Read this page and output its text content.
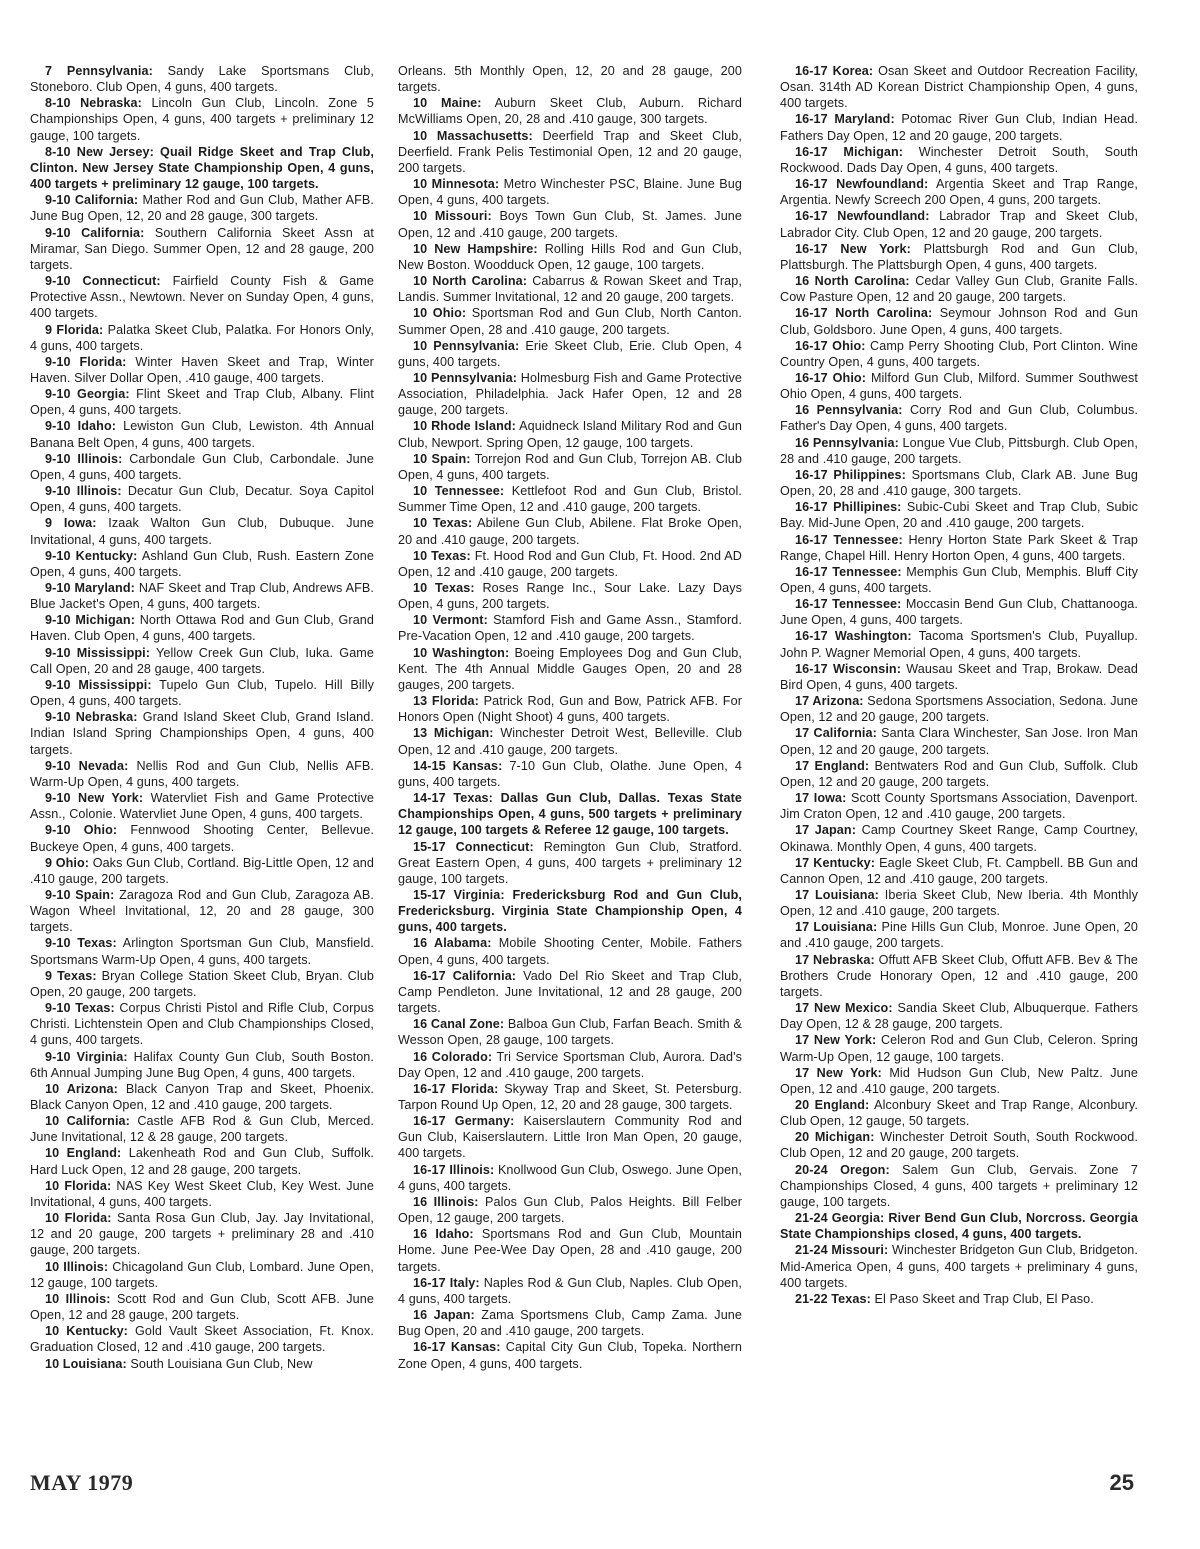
7 Pennsylvania: Sandy Lake Sportsmans Club, Stoneboro. Club Open, 4 guns, 400 targets.

8-10 Nebraska: Lincoln Gun Club, Lincoln. Zone 5 Championships Open, 4 guns, 400 targets + preliminary 12 gauge, 100 targets.

8-10 New Jersey: Quail Ridge Skeet and Trap Club, Clinton. New Jersey State Championship Open, 4 guns, 400 targets + preliminary 12 gauge, 100 targets.

9-10 California: Mather Rod and Gun Club, Mather AFB. June Bug Open, 12, 20 and 28 gauge, 300 targets.

9-10 California: Southern California Skeet Assn at Miramar, San Diego. Summer Open, 12 and 28 gauge, 200 targets.

9-10 Connecticut: Fairfield County Fish & Game Protective Assn., Newtown. Never on Sunday Open, 4 guns, 400 targets.

9 Florida: Palatka Skeet Club, Palatka. For Honors Only, 4 guns, 400 targets.

9-10 Florida: Winter Haven Skeet and Trap, Winter Haven. Silver Dollar Open, .410 gauge, 400 targets.

9-10 Georgia: Flint Skeet and Trap Club, Albany. Flint Open, 4 guns, 400 targets.

9-10 Idaho: Lewiston Gun Club, Lewiston. 4th Annual Banana Belt Open, 4 guns, 400 targets.

9-10 Illinois: Carbondale Gun Club, Carbondale. June Open, 4 guns, 400 targets.

9-10 Illinois: Decatur Gun Club, Decatur. Soya Capitol Open, 4 guns, 400 targets.

9 Iowa: Izaak Walton Gun Club, Dubuque. June Invitational, 4 guns, 400 targets.

9-10 Kentucky: Ashland Gun Club, Rush. Eastern Zone Open, 4 guns, 400 targets.

9-10 Maryland: NAF Skeet and Trap Club, Andrews AFB. Blue Jacket's Open, 4 guns, 400 targets.

9-10 Michigan: North Ottawa Rod and Gun Club, Grand Haven. Club Open, 4 guns, 400 targets.

9-10 Mississippi: Yellow Creek Gun Club, Iuka. Game Call Open, 20 and 28 gauge, 400 targets.

9-10 Mississippi: Tupelo Gun Club, Tupelo. Hill Billy Open, 4 guns, 400 targets.

9-10 Nebraska: Grand Island Skeet Club, Grand Island. Indian Island Spring Championships Open, 4 guns, 400 targets.

9-10 Nevada: Nellis Rod and Gun Club, Nellis AFB. Warm-Up Open, 4 guns, 400 targets.

9-10 New York: Watervliet Fish and Game Protective Assn., Colonie. Watervliet June Open, 4 guns, 400 targets.

9-10 Ohio: Fennwood Shooting Center, Bellevue. Buckeye Open, 4 guns, 400 targets.

9 Ohio: Oaks Gun Club, Cortland. Big-Little Open, 12 and .410 gauge, 200 targets.

9-10 Spain: Zaragoza Rod and Gun Club, Zaragoza AB. Wagon Wheel Invitational, 12, 20 and 28 gauge, 300 targets.

9-10 Texas: Arlington Sportsman Gun Club, Mansfield. Sportsmans Warm-Up Open, 4 guns, 400 targets.

9 Texas: Bryan College Station Skeet Club, Bryan. Club Open, 20 gauge, 200 targets.

9-10 Texas: Corpus Christi Pistol and Rifle Club, Corpus Christi. Lichtenstein Open and Club Championships Closed, 4 guns, 400 targets.

9-10 Virginia: Halifax County Gun Club, South Boston. 6th Annual Jumping June Bug Open, 4 guns, 400 targets.

10 Arizona: Black Canyon Trap and Skeet, Phoenix. Black Canyon Open, 12 and .410 gauge, 200 targets.

10 California: Castle AFB Rod & Gun Club, Merced. June Invitational, 12 & 28 gauge, 200 targets.

10 England: Lakenheath Rod and Gun Club, Suffolk. Hard Luck Open, 12 and 28 gauge, 200 targets.

10 Florida: NAS Key West Skeet Club, Key West. June Invitational, 4 guns, 400 targets.

10 Florida: Santa Rosa Gun Club, Jay. Jay Invitational, 12 and 20 gauge, 200 targets + preliminary 28 and .410 gauge, 200 targets.

10 Illinois: Chicagoland Gun Club, Lombard. June Open, 12 gauge, 100 targets.

10 Illinois: Scott Rod and Gun Club, Scott AFB. June Open, 12 and 28 gauge, 200 targets.

10 Kentucky: Gold Vault Skeet Association, Ft. Knox. Graduation Closed, 12 and .410 gauge, 200 targets.

10 Louisiana: South Louisiana Gun Club, New

Orleans. 5th Monthly Open, 12, 20 and 28 gauge, 200 targets.

10 Maine: Auburn Skeet Club, Auburn. Richard McWilliams Open, 20, 28 and .410 gauge, 300 targets.

10 Massachusetts: Deerfield Trap and Skeet Club, Deerfield. Frank Pelis Testimonial Open, 12 and 20 gauge, 200 targets.

10 Minnesota: Metro Winchester PSC, Blaine. June Bug Open, 4 guns, 400 targets.

10 Missouri: Boys Town Gun Club, St. James. June Open, 12 and .410 gauge, 200 targets.

10 New Hampshire: Rolling Hills Rod and Gun Club, New Boston. Woodduck Open, 12 gauge, 100 targets.

10 North Carolina: Cabarrus & Rowan Skeet and Trap, Landis. Summer Invitational, 12 and 20 gauge, 200 targets.

10 Ohio: Sportsman Rod and Gun Club, North Canton. Summer Open, 28 and .410 gauge, 200 targets.

10 Pennsylvania: Erie Skeet Club, Erie. Club Open, 4 guns, 400 targets.

10 Pennsylvania: Holmesburg Fish and Game Protective Association, Philadelphia. Jack Hafer Open, 12 and 28 gauge, 200 targets.

10 Rhode Island: Aquidneck Island Military Rod and Gun Club, Newport. Spring Open, 12 gauge, 100 targets.

10 Spain: Torrejon Rod and Gun Club, Torrejon AB. Club Open, 4 guns, 400 targets.

10 Tennessee: Kettlefoot Rod and Gun Club, Bristol. Summer Time Open, 12 and .410 gauge, 200 targets.

10 Texas: Abilene Gun Club, Abilene. Flat Broke Open, 20 and .410 gauge, 200 targets.

10 Texas: Ft. Hood Rod and Gun Club, Ft. Hood. 2nd AD Open, 12 and .410 gauge, 200 targets.

10 Texas: Roses Range Inc., Sour Lake. Lazy Days Open, 4 guns, 200 targets.

10 Vermont: Stamford Fish and Game Assn., Stamford. Pre-Vacation Open, 12 and .410 gauge, 200 targets.

10 Washington: Boeing Employees Dog and Gun Club, Kent. The 4th Annual Middle Gauges Open, 20 and 28 gauges, 200 targets.

13 Florida: Patrick Rod, Gun and Bow, Patrick AFB. For Honors Open (Night Shoot) 4 guns, 400 targets.

13 Michigan: Winchester Detroit West, Belleville. Club Open, 12 and .410 gauge, 200 targets.

14-15 Kansas: 7-10 Gun Club, Olathe. June Open, 4 guns, 400 targets.

14-17 Texas: Dallas Gun Club, Dallas. Texas State Championships Open, 4 guns, 500 targets + preliminary 12 gauge, 100 targets & Referee 12 gauge, 100 targets.

15-17 Connecticut: Remington Gun Club, Stratford. Great Eastern Open, 4 guns, 400 targets + preliminary 12 gauge, 100 targets.

15-17 Virginia: Fredericksburg Rod and Gun Club, Fredericksburg. Virginia State Championship Open, 4 guns, 400 targets.

16 Alabama: Mobile Shooting Center, Mobile. Fathers Open, 4 guns, 400 targets.

16-17 California: Vado Del Rio Skeet and Trap Club, Camp Pendleton. June Invitational, 12 and 28 gauge, 200 targets.

16 Canal Zone: Balboa Gun Club, Farfan Beach. Smith & Wesson Open, 28 gauge, 100 targets.

16 Colorado: Tri Service Sportsman Club, Aurora. Dad's Day Open, 12 and .410 gauge, 200 targets.

16-17 Florida: Skyway Trap and Skeet, St. Petersburg. Tarpon Round Up Open, 12, 20 and 28 gauge, 300 targets.

16-17 Germany: Kaiserslautern Community Rod and Gun Club, Kaiserslautern. Little Iron Man Open, 20 gauge, 400 targets.

16-17 Illinois: Knollwood Gun Club, Oswego. June Open, 4 guns, 400 targets.

16 Illinois: Palos Gun Club, Palos Heights. Bill Felber Open, 12 gauge, 200 targets.

16 Idaho: Sportsmans Rod and Gun Club, Mountain Home. June Pee-Wee Day Open, 28 and .410 gauge, 200 targets.

16-17 Italy: Naples Rod & Gun Club, Naples. Club Open, 4 guns, 400 targets.

16 Japan: Zama Sportsmens Club, Camp Zama. June Bug Open, 20 and .410 gauge, 200 targets.

16-17 Kansas: Capital City Gun Club, Topeka. Northern Zone Open, 4 guns, 400 targets.

16-17 Korea: Osan Skeet and Outdoor Recreation Facility, Osan. 314th AD Korean District Championship Open, 4 guns, 400 targets.

16-17 Maryland: Potomac River Gun Club, Indian Head. Fathers Day Open, 12 and 20 gauge, 200 targets.

16-17 Michigan: Winchester Detroit South, South Rockwood. Dads Day Open, 4 guns, 400 targets.

16-17 Newfoundland: Argentia Skeet and Trap Range, Argentia. Newfy Screech 200 Open, 4 guns, 200 targets.

16-17 Newfoundland: Labrador Trap and Skeet Club, Labrador City. Club Open, 12 and 20 gauge, 200 targets.

16-17 New York: Plattsburgh Rod and Gun Club, Plattsburgh. The Plattsburgh Open, 4 guns, 400 targets.

16 North Carolina: Cedar Valley Gun Club, Granite Falls. Cow Pasture Open, 12 and 20 gauge, 200 targets.

16-17 North Carolina: Seymour Johnson Rod and Gun Club, Goldsboro. June Open, 4 guns, 400 targets.

16-17 Ohio: Camp Perry Shooting Club, Port Clinton. Wine Country Open, 4 guns, 400 targets.

16-17 Ohio: Milford Gun Club, Milford. Summer Southwest Ohio Open, 4 guns, 400 targets.

16 Pennsylvania: Corry Rod and Gun Club, Columbus. Father's Day Open, 4 guns, 400 targets.

16 Pennsylvania: Longue Vue Club, Pittsburgh. Club Open, 28 and .410 gauge, 200 targets.

16-17 Philippines: Sportsmans Club, Clark AB. June Bug Open, 20, 28 and .410 gauge, 300 targets.

16-17 Phillipines: Subic-Cubi Skeet and Trap Club, Subic Bay. Mid-June Open, 20 and .410 gauge, 200 targets.

16-17 Tennessee: Henry Horton State Park Skeet & Trap Range, Chapel Hill. Henry Horton Open, 4 guns, 400 targets.

16-17 Tennessee: Memphis Gun Club, Memphis. Bluff City Open, 4 guns, 400 targets.

16-17 Tennessee: Moccasin Bend Gun Club, Chattanooga. June Open, 4 guns, 400 targets.

16-17 Washington: Tacoma Sportsmen's Club, Puyallup. John P. Wagner Memorial Open, 4 guns, 400 targets.

16-17 Wisconsin: Wausau Skeet and Trap, Brokaw. Dead Bird Open, 4 guns, 400 targets.

17 Arizona: Sedona Sportsmens Association, Sedona. June Open, 12 and 20 gauge, 200 targets.

17 California: Santa Clara Winchester, San Jose. Iron Man Open, 12 and 20 gauge, 200 targets.

17 England: Bentwaters Rod and Gun Club, Suffolk. Club Open, 12 and 20 gauge, 200 targets.

17 Iowa: Scott County Sportsmans Association, Davenport. Jim Craton Open, 12 and .410 gauge, 200 targets.

17 Japan: Camp Courtney Skeet Range, Camp Courtney, Okinawa. Monthly Open, 4 guns, 400 targets.

17 Kentucky: Eagle Skeet Club, Ft. Campbell. BB Gun and Cannon Open, 12 and .410 gauge, 200 targets.

17 Louisiana: Iberia Skeet Club, New Iberia. 4th Monthly Open, 12 and .410 gauge, 200 targets.

17 Louisiana: Pine Hills Gun Club, Monroe. June Open, 20 and .410 gauge, 200 targets.

17 Nebraska: Offutt AFB Skeet Club, Offutt AFB. Bev & The Brothers Crude Honorary Open, 12 and .410 gauge, 200 targets.

17 New Mexico: Sandia Skeet Club, Albuquerque. Fathers Day Open, 12 & 28 gauge, 200 targets.

17 New York: Celeron Rod and Gun Club, Celeron. Spring Warm-Up Open, 12 gauge, 100 targets.

17 New York: Mid Hudson Gun Club, New Paltz. June Open, 12 and .410 gauge, 200 targets.

20 England: Alconbury Skeet and Trap Range, Alconbury. Club Open, 12 gauge, 50 targets.

20 Michigan: Winchester Detroit South, South Rockwood. Club Open, 12 and 20 gauge, 200 targets.

20-24 Oregon: Salem Gun Club, Gervais. Zone 7 Championships Closed, 4 guns, 400 targets + preliminary 12 gauge, 100 targets.

21-24 Georgia: River Bend Gun Club, Norcross. Georgia State Championships closed, 4 guns, 400 targets.

21-24 Missouri: Winchester Bridgeton Gun Club, Bridgeton. Mid-America Open, 4 guns, 400 targets + preliminary 4 guns, 400 targets.

21-22 Texas: El Paso Skeet and Trap Club, El Paso.

MAY 1979	25
